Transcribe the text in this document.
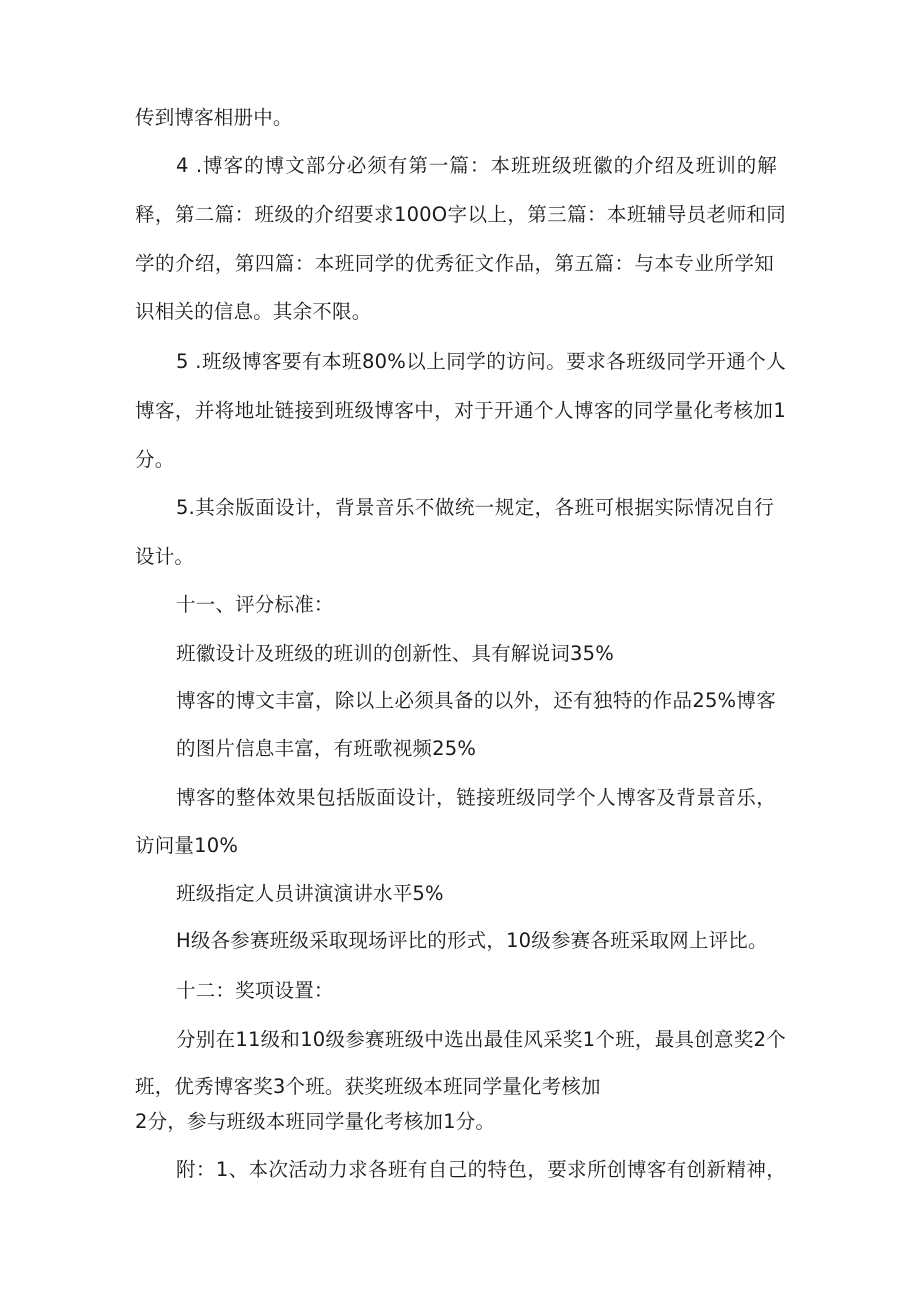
传到博客相册中。
4 .博客的博文部分必须有第一篇：本班班级班徽的介绍及班训的解
释，第二篇：班级的介绍要求100O字以上，第三篇：本班辅导员老师和同
学的介绍，第四篇：本班同学的优秀征文作品，第五篇：与本专业所学知
识相关的信息。其余不限。
5 .班级博客要有本班80%以上同学的访问。要求各班级同学开通个人
博客，并将地址链接到班级博客中，对于开通个人博客的同学量化考核加1
分。
5.其余版面设计，背景音乐不做统一规定，各班可根据实际情况自行
设计。
十一、评分标准：
班徽设计及班级的班训的创新性、具有解说词35%
博客的博文丰富，除以上必须具备的以外，还有独特的作品25%博客
的图片信息丰富，有班歌视频25%
博客的整体效果包括版面设计，链接班级同学个人博客及背景音乐，
访问量10%
班级指定人员讲演演讲水平5%
H级各参赛班级采取现场评比的形式，10级参赛各班采取网上评比。
十二：奖项设置：
分别在11级和10级参赛班级中选出最佳风采奖1个班，最具创意奖2个
班，优秀博客奖3个班。获奖班级本班同学量化考核加
2分，参与班级本班同学量化考核加1分。
附：1、本次活动力求各班有自己的特色，要求所创博客有创新精神，
